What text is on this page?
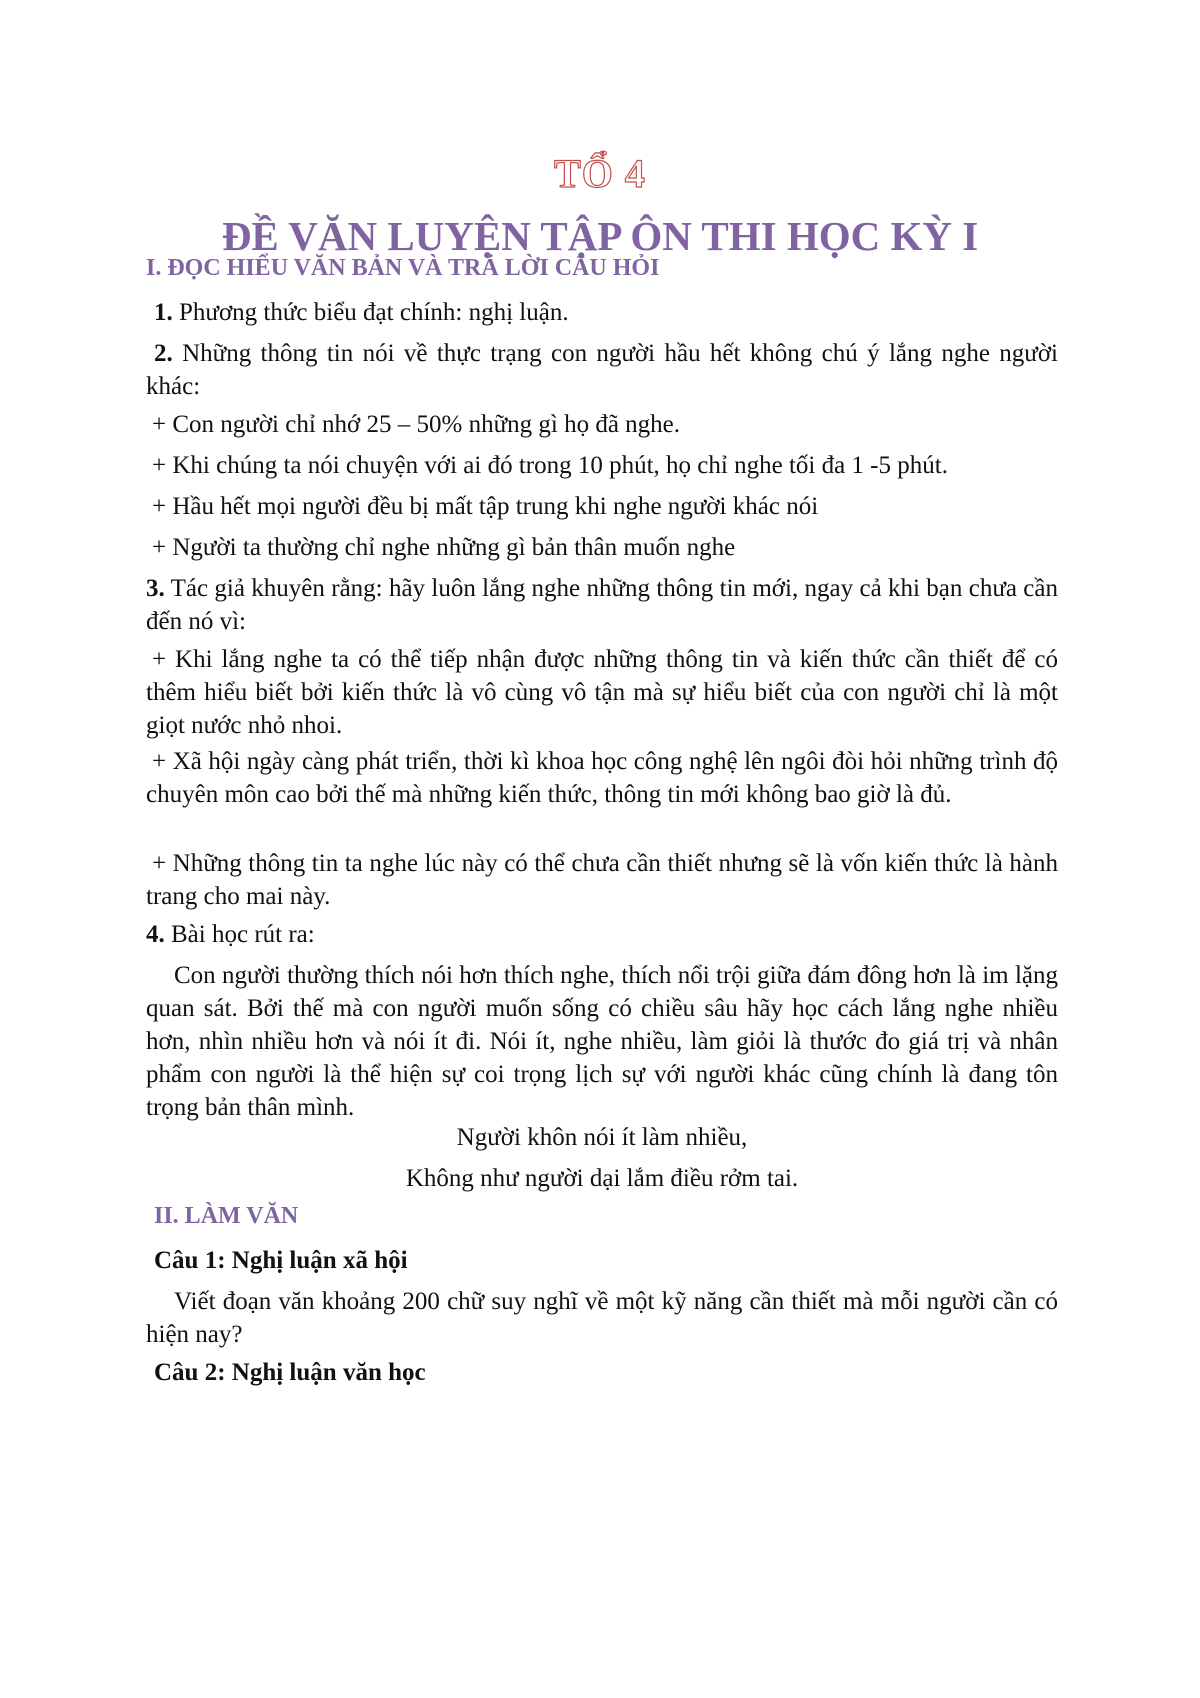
TỔ 4
ĐỀ VĂN LUYỆN TẬP ÔN THI HỌC KỲ I
I. ĐỌC HIỂU VĂN BẢN VÀ TRẢ LỜI CÂU HỎI
1. Phương thức biểu đạt chính: nghị luận.
2. Những thông tin nói về thực trạng con người hầu hết không chú ý lắng nghe người khác:
+ Con người chỉ nhớ 25 – 50% những gì họ đã nghe.
+ Khi chúng ta nói chuyện với ai đó trong 10 phút, họ chỉ nghe tối đa 1 -5 phút.
+ Hầu hết mọi người đều bị mất tập trung khi nghe người khác nói
+ Người ta thường chỉ nghe những gì bản thân muốn nghe
3. Tác giả khuyên rằng: hãy luôn lắng nghe những thông tin mới, ngay cả khi bạn chưa cần đến nó vì:
+ Khi lắng nghe ta có thể tiếp nhận được những thông tin và kiến thức cần thiết để có thêm hiểu biết bởi kiến thức là vô cùng vô tận mà sự hiểu biết của con người chỉ là một giọt nước nhỏ nhoi.
+ Xã hội ngày càng phát triển, thời kì khoa học công nghệ lên ngôi đòi hỏi những trình độ chuyên môn cao bởi thế mà những kiến thức, thông tin mới không bao giờ là đủ.
+ Những thông tin ta nghe lúc này có thể chưa cần thiết nhưng sẽ là vốn kiến thức là hành trang cho mai này.
4. Bài học rút ra:
Con người thường thích nói hơn thích nghe, thích nổi trội giữa đám đông hơn là im lặng quan sát. Bởi thế mà con người muốn sống có chiều sâu hãy học cách lắng nghe nhiều hơn, nhìn nhiều hơn và nói ít đi. Nói ít, nghe nhiều, làm giỏi là thước đo giá trị và nhân phẩm con người là thể hiện sự coi trọng lịch sự với người khác cũng chính là đang tôn trọng bản thân mình.
Người khôn nói ít làm nhiều,
Không như người dại lắm điều rởm tai.
II. LÀM VĂN
Câu 1: Nghị luận xã hội
Viết đoạn văn khoảng 200 chữ suy nghĩ về một kỹ năng cần thiết mà mỗi người cần có hiện nay?
Câu 2: Nghị luận văn học
